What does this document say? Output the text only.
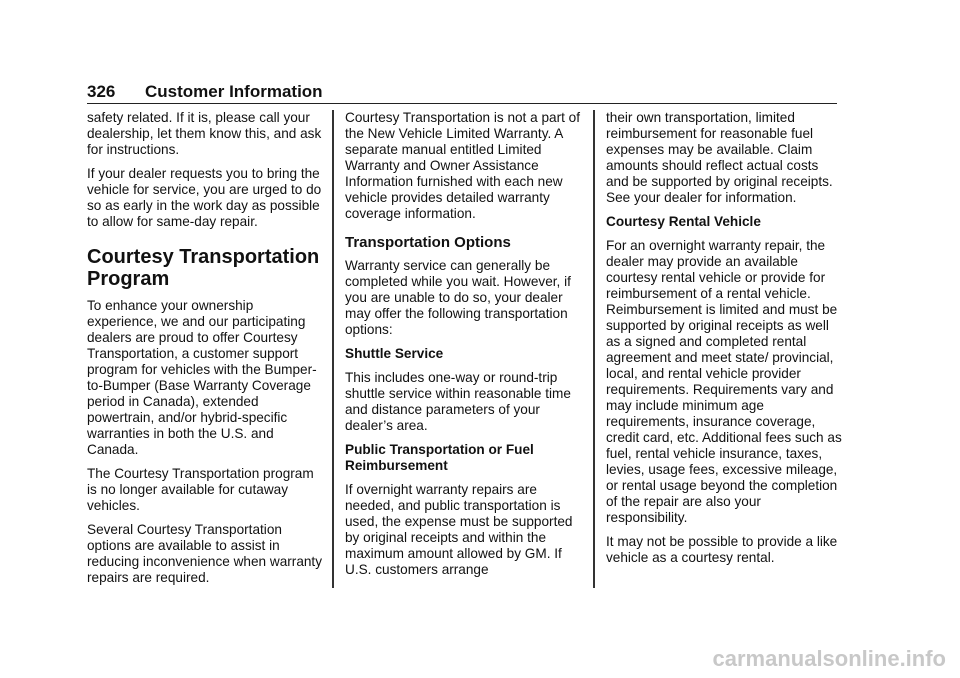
326 Customer Information

safety related. If it is, please call your dealership, let them know this, and ask for instructions.

If your dealer requests you to bring the vehicle for service, you are urged to do so as early in the work day as possible to allow for same-day repair.

Courtesy Transportation Program

To enhance your ownership experience, we and our participating dealers are proud to offer Courtesy Transportation, a customer support program for vehicles with the Bumper-to-Bumper (Base Warranty Coverage period in Canada), extended powertrain, and/or hybrid-specific warranties in both the U.S. and Canada.

The Courtesy Transportation program is no longer available for cutaway vehicles.

Several Courtesy Transportation options are available to assist in reducing inconvenience when warranty repairs are required.

Courtesy Transportation is not a part of the New Vehicle Limited Warranty. A separate manual entitled Limited Warranty and Owner Assistance Information furnished with each new vehicle provides detailed warranty coverage information.

Transportation Options

Warranty service can generally be completed while you wait. However, if you are unable to do so, your dealer may offer the following transportation options:

Shuttle Service

This includes one-way or round-trip shuttle service within reasonable time and distance parameters of your dealer’s area.

Public Transportation or Fuel Reimbursement

If overnight warranty repairs are needed, and public transportation is used, the expense must be supported by original receipts and within the maximum amount allowed by GM. If U.S. customers arrange

their own transportation, limited reimbursement for reasonable fuel expenses may be available. Claim amounts should reflect actual costs and be supported by original receipts. See your dealer for information.

Courtesy Rental Vehicle

For an overnight warranty repair, the dealer may provide an available courtesy rental vehicle or provide for reimbursement of a rental vehicle. Reimbursement is limited and must be supported by original receipts as well as a signed and completed rental agreement and meet state/ provincial, local, and rental vehicle provider requirements. Requirements vary and may include minimum age requirements, insurance coverage, credit card, etc. Additional fees such as fuel, rental vehicle insurance, taxes, levies, usage fees, excessive mileage, or rental usage beyond the completion of the repair are also your responsibility.

It may not be possible to provide a like vehicle as a courtesy rental.

carmanualsonline.info
